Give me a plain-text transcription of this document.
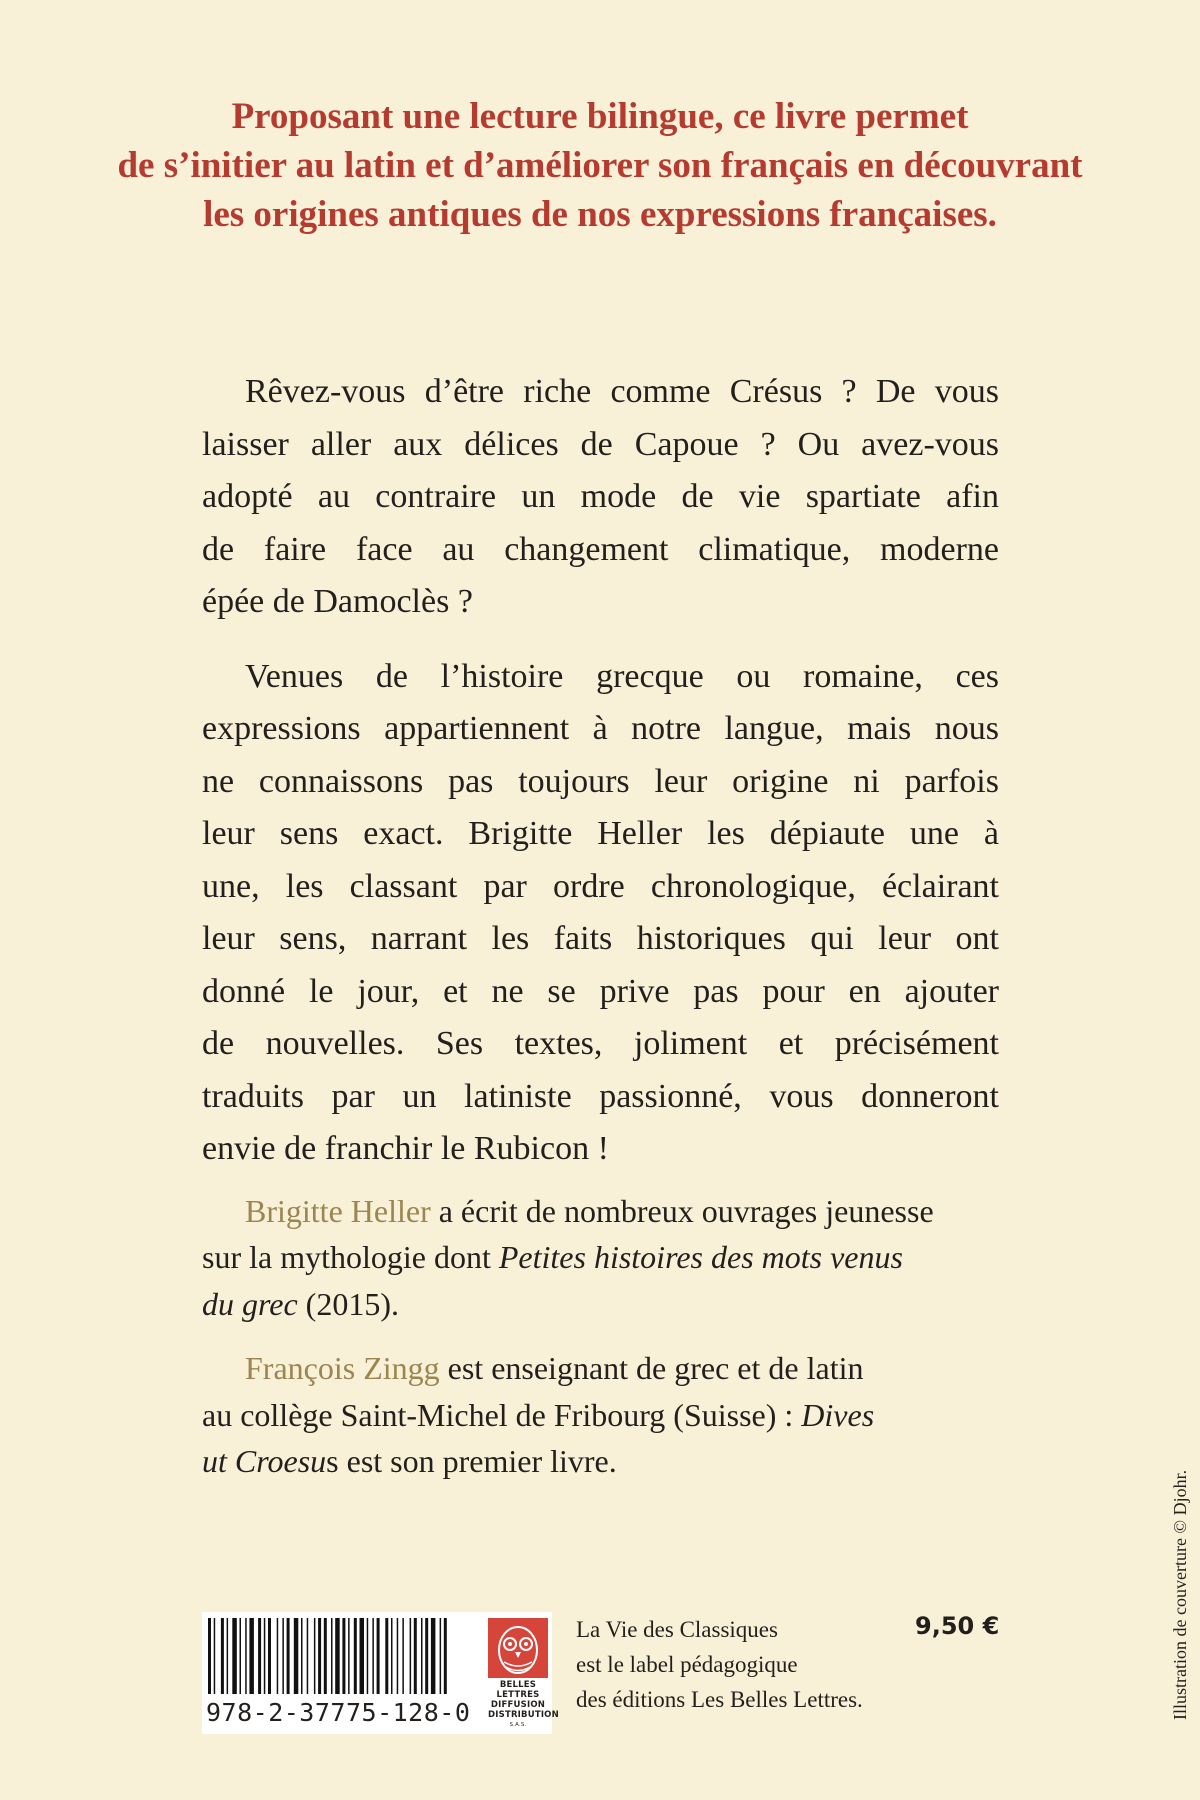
Proposant une lecture bilingue, ce livre permet
de s’initier au latin et d’améliorer son français en découvrant
les origines antiques de nos expressions françaises.

Rêvez-vous d’être riche comme Crésus ? De vous
laisser aller aux délices de Capoue ? Ou avez-vous
adopté au contraire un mode de vie spartiate afin
de faire face au changement climatique, moderne
épée de Damoclès ?

Venues de l’histoire grecque ou romaine, ces
expressions appartiennent à notre langue, mais nous
ne connaissons pas toujours leur origine ni parfois
leur sens exact. Brigitte Heller les dépiaute une à
une, les classant par ordre chronologique, éclairant
leur sens, narrant les faits historiques qui leur ont
donné le jour, et ne se prive pas pour en ajouter
de nouvelles. Ses textes, joliment et précisément
traduits par un latiniste passionné, vous donneront
envie de franchir le Rubicon !

Brigitte Heller a écrit de nombreux ouvrages jeunesse
sur la mythologie dont Petites histoires des mots venus
du grec (2015).

François Zingg est enseignant de grec et de latin
au collège Saint-Michel de Fribourg (Suisse) : Dives
ut Croesus est son premier livre.

Illustration de couverture © Djohr.
978-2-37775-128-0
BELLES LETTRES
DIFFUSION
DISTRIBUTION
S.A.S.
La Vie des Classiques
est le label pédagogique
des éditions Les Belles Lettres.
9,50 €
